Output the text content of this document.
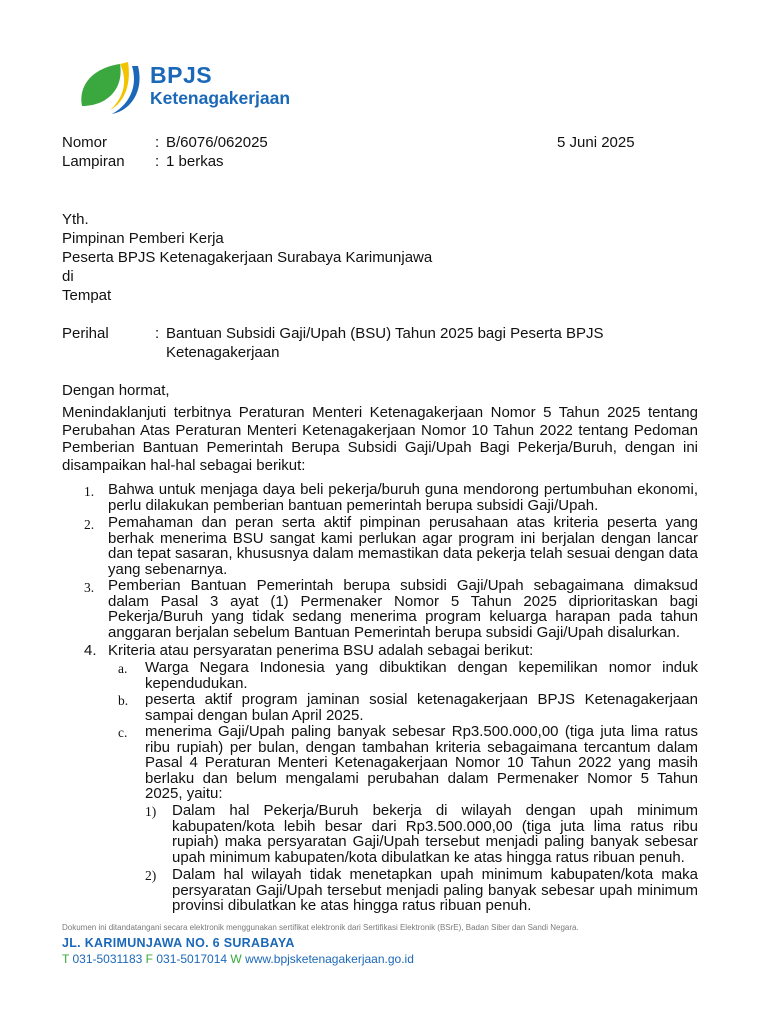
BPJS
Ketenagakerjaan
Nomor	: B/6076/062025	5 Juni 2025
Lampiran : 1 berkas
Yth.
Pimpinan Pemberi Kerja
Peserta BPJS Ketenagakerjaan Surabaya Karimunjawa
di
Tempat
Perihal	: Bantuan Subsidi Gaji/Upah (BSU) Tahun 2025 bagi Peserta BPJS
Ketenagakerjaan
Dengan hormat,
Menindaklanjuti terbitnya Peraturan Menteri Ketenagakerjaan Nomor 5 Tahun 2025 tentang Perubahan Atas Peraturan Menteri Ketenagakerjaan Nomor 10 Tahun 2022 tentang Pedoman Pemberian Bantuan Pemerintah Berupa Subsidi Gaji/Upah Bagi Pekerja/Buruh, dengan ini disampaikan hal-hal sebagai berikut:
1. Bahwa untuk menjaga daya beli pekerja/buruh guna mendorong pertumbuhan ekonomi, perlu dilakukan pemberian bantuan pemerintah berupa subsidi Gaji/Upah.
2. Pemahaman dan peran serta aktif pimpinan perusahaan atas kriteria peserta yang berhak menerima BSU sangat kami perlukan agar program ini berjalan dengan lancar dan tepat sasaran, khususnya dalam memastikan data pekerja telah sesuai dengan data yang sebenarnya.
3. Pemberian Bantuan Pemerintah berupa subsidi Gaji/Upah sebagaimana dimaksud dalam Pasal 3 ayat (1) Permenaker Nomor 5 Tahun 2025 diprioritaskan bagi Pekerja/Buruh yang tidak sedang menerima program keluarga harapan pada tahun anggaran berjalan sebelum Bantuan Pemerintah berupa subsidi Gaji/Upah disalurkan.
4. Kriteria atau persyaratan penerima BSU adalah sebagai berikut:
a. Warga Negara Indonesia yang dibuktikan dengan kepemilikan nomor induk kependudukan.
b. peserta aktif program jaminan sosial ketenagakerjaan BPJS Ketenagakerjaan sampai dengan bulan April 2025.
c. menerima Gaji/Upah paling banyak sebesar Rp3.500.000,00 (tiga juta lima ratus ribu rupiah) per bulan, dengan tambahan kriteria sebagaimana tercantum dalam Pasal 4 Peraturan Menteri Ketenagakerjaan Nomor 10 Tahun 2022 yang masih berlaku dan belum mengalami perubahan dalam Permenaker Nomor 5 Tahun 2025, yaitu:
1) Dalam hal Pekerja/Buruh bekerja di wilayah dengan upah minimum kabupaten/kota lebih besar dari Rp3.500.000,00 (tiga juta lima ratus ribu rupiah) maka persyaratan Gaji/Upah tersebut menjadi paling banyak sebesar upah minimum kabupaten/kota dibulatkan ke atas hingga ratus ribuan penuh.
2) Dalam hal wilayah tidak menetapkan upah minimum kabupaten/kota maka persyaratan Gaji/Upah tersebut menjadi paling banyak sebesar upah minimum provinsi dibulatkan ke atas hingga ratus ribuan penuh.
Dokumen ini ditandatangani secara elektronik menggunakan sertifikat elektronik dari Sertifikasi Elektronik (BSrE), Badan Siber dan Sandi Negara.
JL. KARIMUNJAWA NO. 6 SURABAYA
T 031-5031183 F 031-5017014 W www.bpjsketenagakerjaan.go.id
